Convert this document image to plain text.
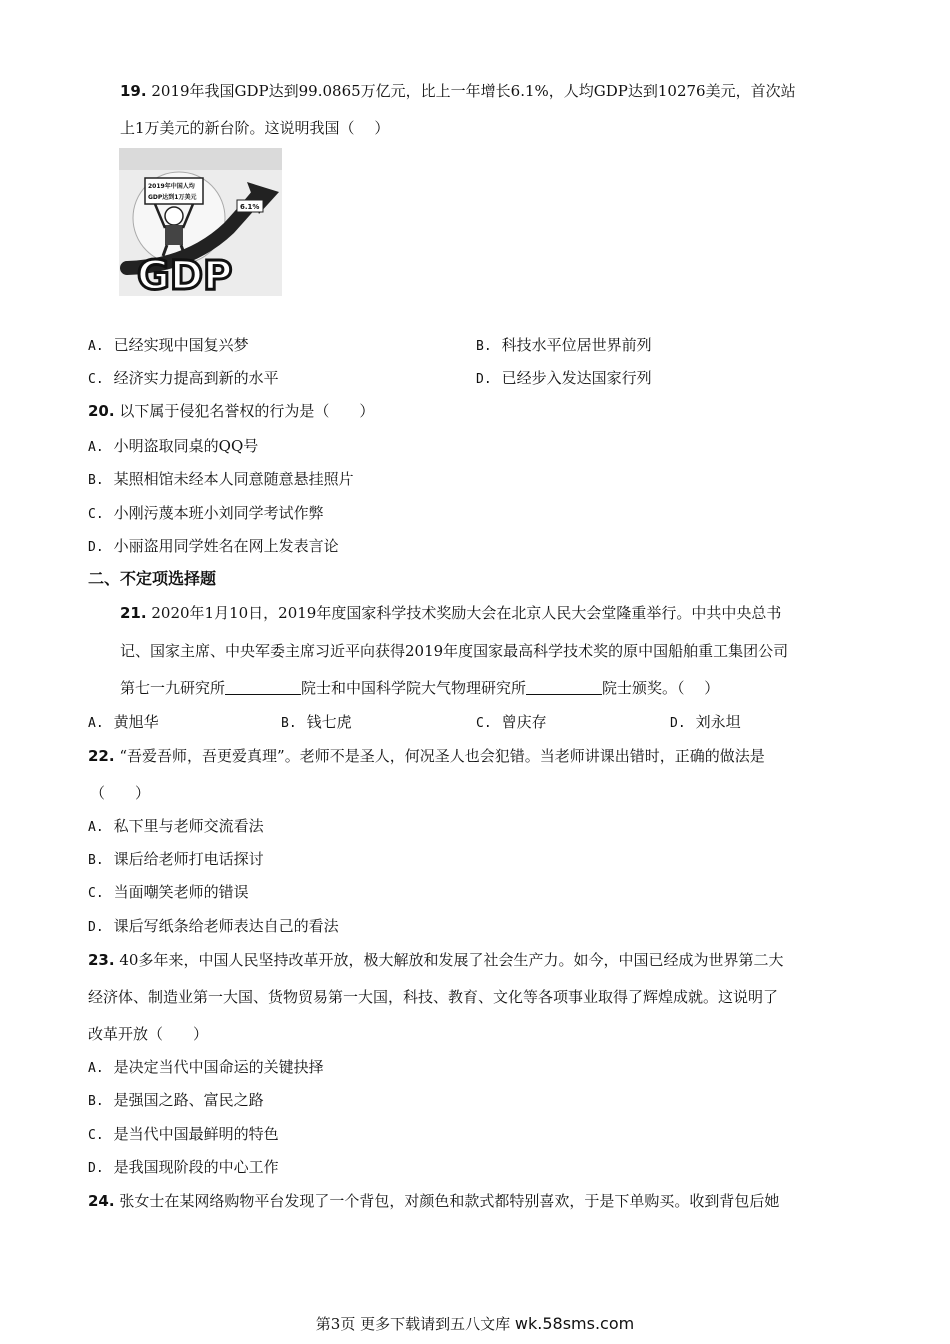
19. 2019年我国GDP达到99.0865万亿元，比上一年增长6.1%，人均GDP达到10276美元，首次站
上1万美元的新台阶。这说明我国（　 ）
6.1%
2019年中国人均
GDP达到1万美元
GDP
A. 已经实现中国复兴梦	B. 科技水平位居世界前列
C. 经济实力提高到新的水平	D. 已经步入发达国家行列
20. 以下属于侵犯名誉权的行为是（　　）
A. 小明盗取同桌的QQ号
B. 某照相馆未经本人同意随意悬挂照片
C. 小刚污蔑本班小刘同学考试作弊
D. 小丽盗用同学姓名在网上发表言论
二、不定项选择题
21. 2020年1月10日，2019年度国家科学技术奖励大会在北京人民大会堂隆重举行。中共中央总书
记、国家主席、中央军委主席习近平向获得2019年度国家最高科学技术奖的原中国船舶重工集团公司
第七一九研究所	院士和中国科学院大气物理研究所	院士颁奖。（　 ）
A. 黄旭华	B. 钱七虎	C. 曾庆存	D. 刘永坦
22. “吾爱吾师，吾更爱真理”。老师不是圣人，何况圣人也会犯错。当老师讲课出错时，正确的做法是
（　　）
A. 私下里与老师交流看法
B. 课后给老师打电话探讨
C. 当面嘲笑老师的错误
D. 课后写纸条给老师表达自己的看法
23. 40多年来，中国人民坚持改革开放，极大解放和发展了社会生产力。如今，中国已经成为世界第二大
经济体、制造业第一大国、货物贸易第一大国，科技、教育、文化等各项事业取得了辉煌成就。这说明了
改革开放（　　）
A. 是决定当代中国命运的关键抉择
B. 是强国之路、富民之路
C. 是当代中国最鲜明的特色
D. 是我国现阶段的中心工作
24. 张女士在某网络购物平台发现了一个背包，对颜色和款式都特别喜欢，于是下单购买。收到背包后她
第3页 更多下载请到五八文库 wk.58sms.com
